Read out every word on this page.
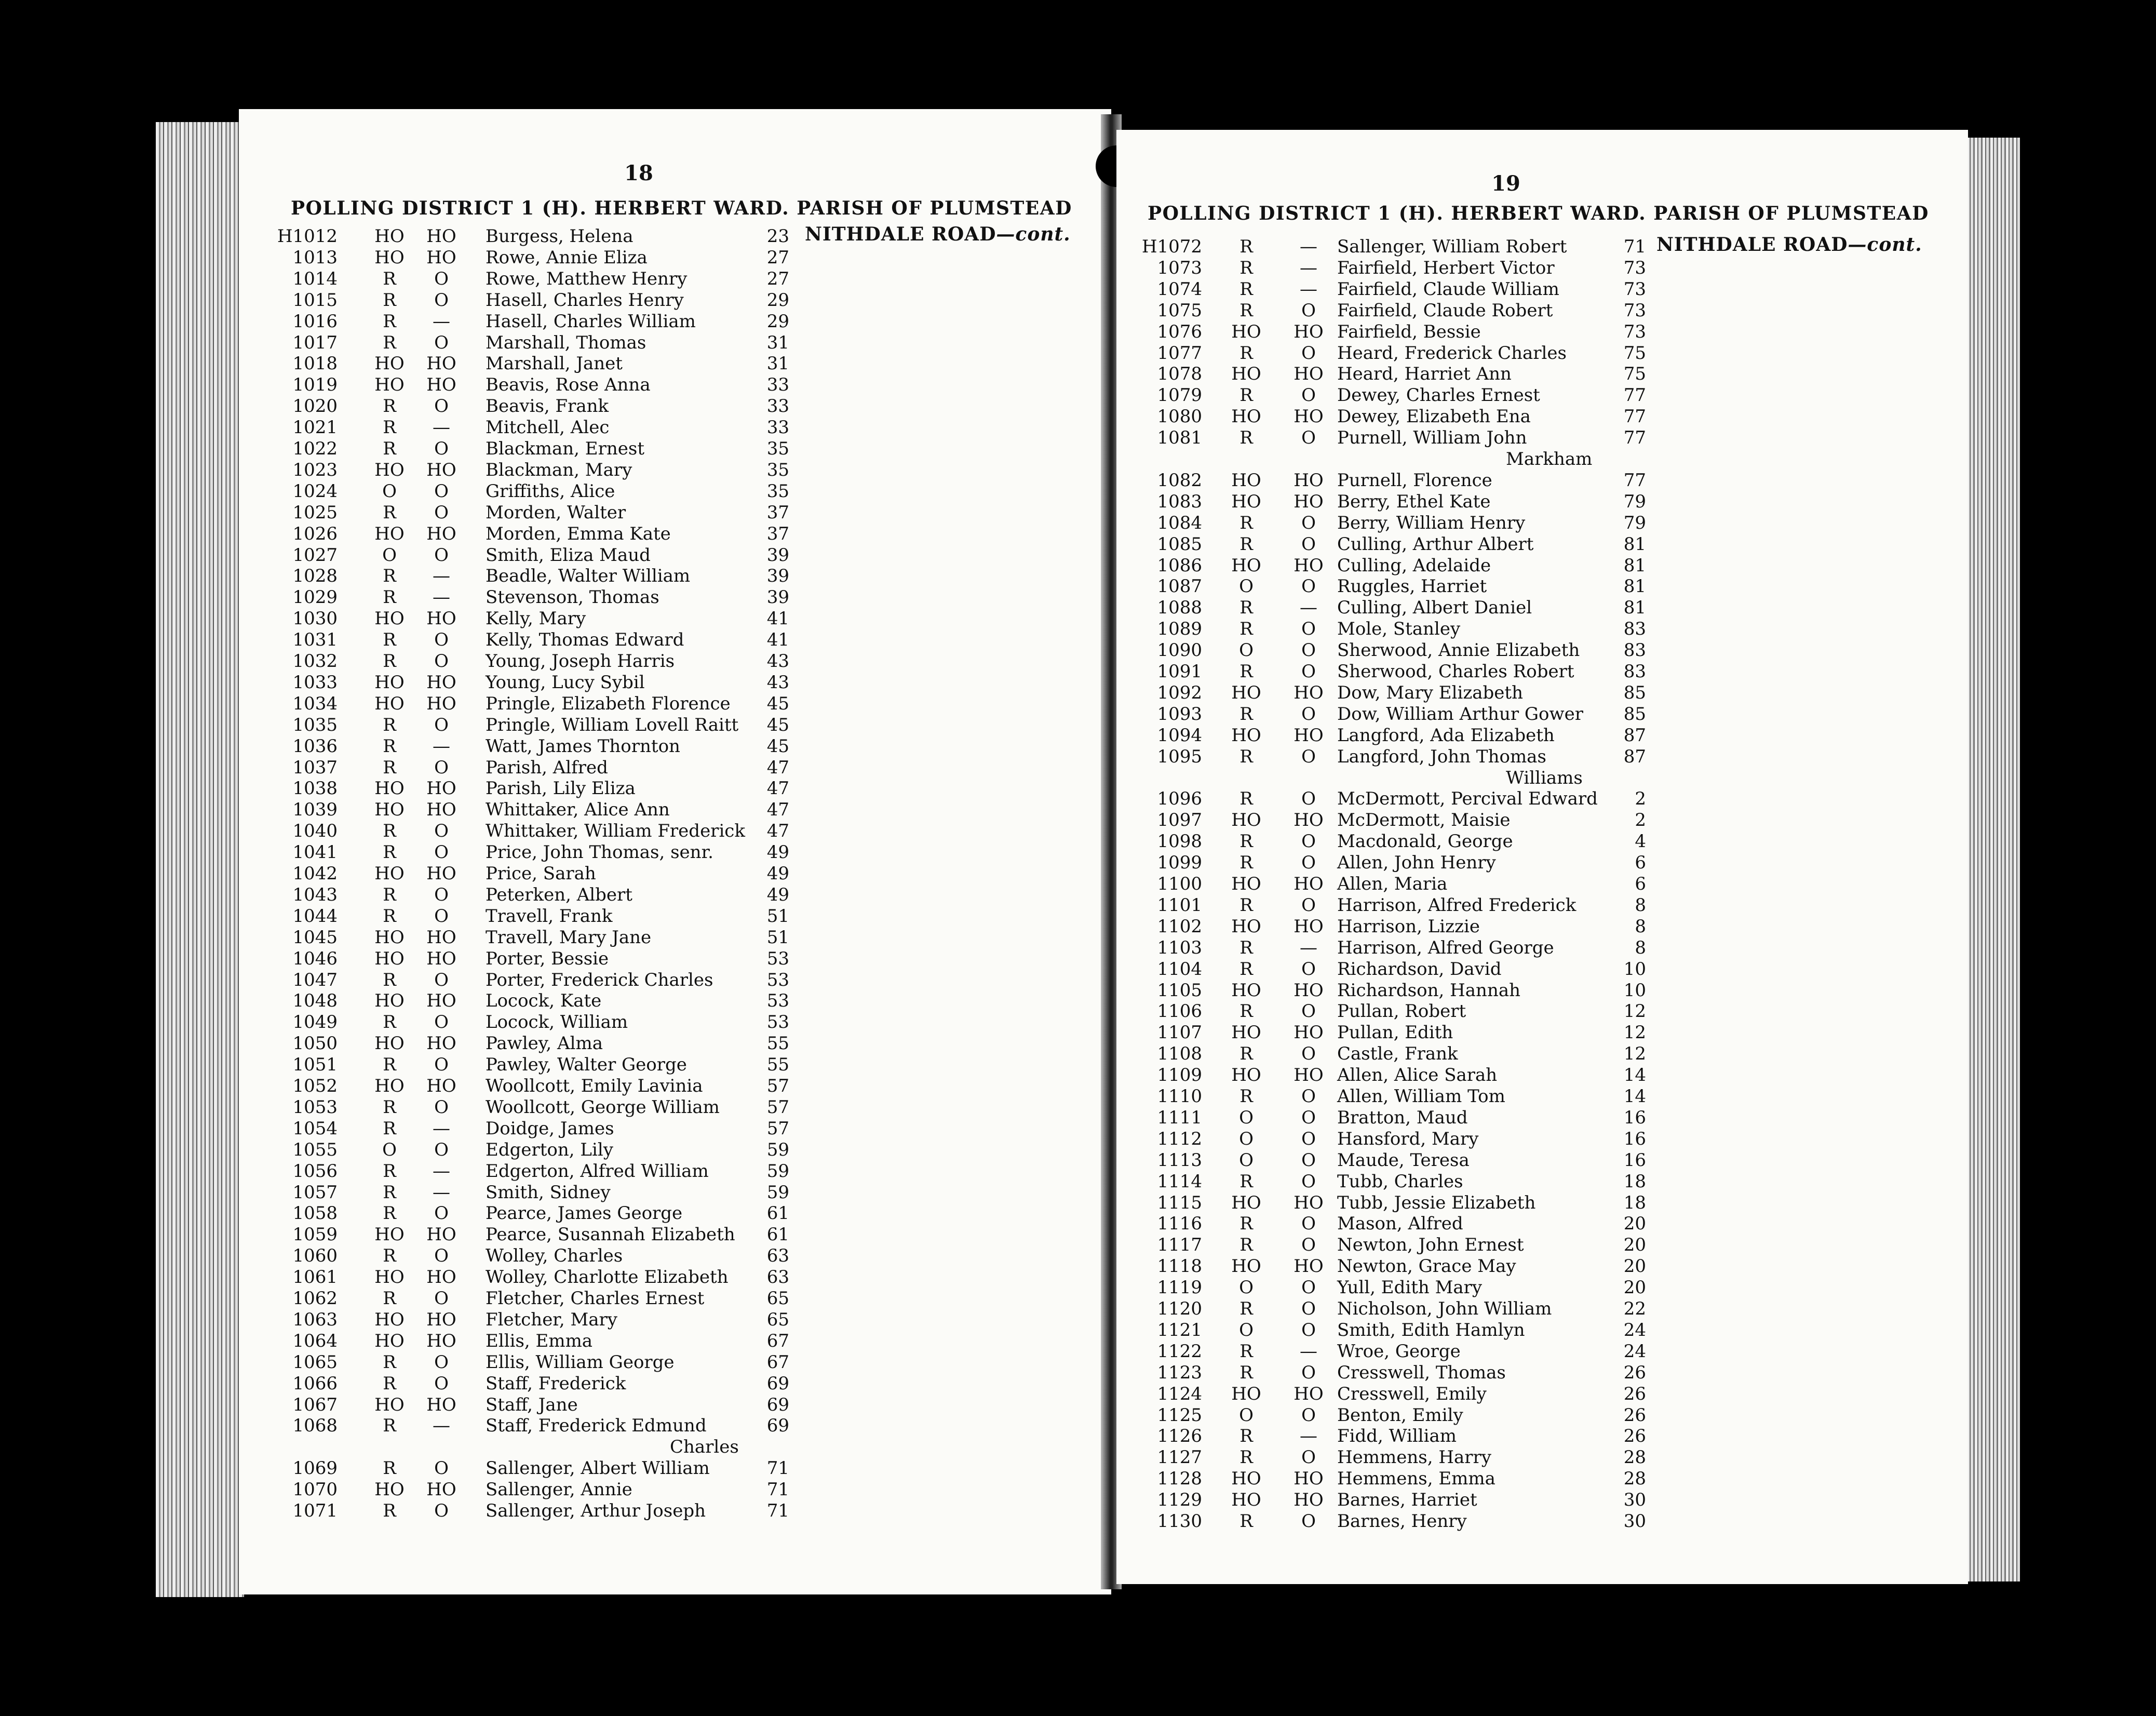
18
POLLING DISTRICT 1 (H). HERBERT WARD. PARISH OF PLUMSTEAD
NITHDALE ROAD—cont.
H1012	HO	HO	Burgess, Helena	23
1013	HO	HO	Rowe, Annie Eliza	27
1014	R	O	Rowe, Matthew Henry	27
1015	R	O	Hasell, Charles Henry	29
1016	R	—	Hasell, Charles William	29
1017	R	O	Marshall, Thomas	31
1018	HO	HO	Marshall, Janet	31
1019	HO	HO	Beavis, Rose Anna	33
1020	R	O	Beavis, Frank	33
1021	R	—	Mitchell, Alec	33
1022	R	O	Blackman, Ernest	35
1023	HO	HO	Blackman, Mary	35
1024	O	O	Griffiths, Alice	35
1025	R	O	Morden, Walter	37
1026	HO	HO	Morden, Emma Kate	37
1027	O	O	Smith, Eliza Maud	39
1028	R	—	Beadle, Walter William	39
1029	R	—	Stevenson, Thomas	39
1030	HO	HO	Kelly, Mary	41
1031	R	O	Kelly, Thomas Edward	41
1032	R	O	Young, Joseph Harris	43
1033	HO	HO	Young, Lucy Sybil	43
1034	HO	HO	Pringle, Elizabeth Florence	45
1035	R	O	Pringle, William Lovell Raitt	45
1036	R	—	Watt, James Thornton	45
1037	R	O	Parish, Alfred	47
1038	HO	HO	Parish, Lily Eliza	47
1039	HO	HO	Whittaker, Alice Ann	47
1040	R	O	Whittaker, William Frederick	47
1041	R	O	Price, John Thomas, senr.	49
1042	HO	HO	Price, Sarah	49
1043	R	O	Peterken, Albert	49
1044	R	O	Travell, Frank	51
1045	HO	HO	Travell, Mary Jane	51
1046	HO	HO	Porter, Bessie	53
1047	R	O	Porter, Frederick Charles	53
1048	HO	HO	Locock, Kate	53
1049	R	O	Locock, William	53
1050	HO	HO	Pawley, Alma	55
1051	R	O	Pawley, Walter George	55
1052	HO	HO	Woollcott, Emily Lavinia	57
1053	R	O	Woollcott, George William	57
1054	R	—	Doidge, James	57
1055	O	O	Edgerton, Lily	59
1056	R	—	Edgerton, Alfred William	59
1057	R	—	Smith, Sidney	59
1058	R	O	Pearce, James George	61
1059	HO	HO	Pearce, Susannah Elizabeth	61
1060	R	O	Wolley, Charles	63
1061	HO	HO	Wolley, Charlotte Elizabeth	63
1062	R	O	Fletcher, Charles Ernest	65
1063	HO	HO	Fletcher, Mary	65
1064	HO	HO	Ellis, Emma	67
1065	R	O	Ellis, William George	67
1066	R	O	Staff, Frederick	69
1067	HO	HO	Staff, Jane	69
1068	R	—	Staff, Frederick Edmund	69
Charles
1069	R	O	Sallenger, Albert William	71
1070	HO	HO	Sallenger, Annie	71
1071	R	O	Sallenger, Arthur Joseph	71
19
POLLING DISTRICT 1 (H). HERBERT WARD. PARISH OF PLUMSTEAD
NITHDALE ROAD—cont.
H1072	R	—	Sallenger, William Robert	71
1073	R	—	Fairfield, Herbert Victor	73
1074	R	—	Fairfield, Claude William	73
1075	R	O	Fairfield, Claude Robert	73
1076	HO	HO Fairfield, Bessie	73
1077	R	O	Heard, Frederick Charles	75
1078	HO	HO Heard, Harriet Ann	75
1079	R	O	Dewey, Charles Ernest	77
1080	HO	HO Dewey, Elizabeth Ena	77
1081	R	O	Purnell, William John	77
Markham
1082	HO	HO Purnell, Florence	77
1083	HO	HO Berry, Ethel Kate	79
1084	R	O	Berry, William Henry	79
1085	R	O	Culling, Arthur Albert	81
1086	HO	HO Culling, Adelaide	81
1087	O	O	Ruggles, Harriet	81
1088	R	—	Culling, Albert Daniel	81
1089	R	O	Mole, Stanley	83
1090	O	O	Sherwood, Annie Elizabeth	83
1091	R	O	Sherwood, Charles Robert	83
1092	HO	HO Dow, Mary Elizabeth	85
1093	R	O	Dow, William Arthur Gower	85
1094	HO	HO Langford, Ada Elizabeth	87
1095	R	O	Langford, John Thomas	87
Williams
1096	R	O	McDermott, Percival Edward	2
1097	HO	HO McDermott, Maisie	2
1098	R	O	Macdonald, George	4
1099	R	O	Allen, John Henry	6
1100	HO	HO Allen, Maria	6
1101	R	O	Harrison, Alfred Frederick	8
1102	HO	HO Harrison, Lizzie	8
1103	R	—	Harrison, Alfred George	8
1104	R	O	Richardson, David	10
1105	HO	HO Richardson, Hannah	10
1106	R	O	Pullan, Robert	12
1107	HO	HO Pullan, Edith	12
1108	R	O	Castle, Frank	12
1109	HO	HO Allen, Alice Sarah	14
1110	R	O	Allen, William Tom	14
1111	O	O	Bratton, Maud	16
1112	O	O	Hansford, Mary	16
1113	O	O	Maude, Teresa	16
1114	R	O	Tubb, Charles	18
1115	HO	HO Tubb, Jessie Elizabeth	18
1116	R	O	Mason, Alfred	20
1117	R	O	Newton, John Ernest	20
1118	HO	HO Newton, Grace May	20
1119	O	O	Yull, Edith Mary	20
1120	R	O	Nicholson, John William	22
1121	O	O	Smith, Edith Hamlyn	24
1122	R	—	Wroe, George	24
1123	R	O	Cresswell, Thomas	26
1124	HO	HO Cresswell, Emily	26
1125	O	O	Benton, Emily	26
1126	R	—	Fidd, William	26
1127	R	O	Hemmens, Harry	28
1128	HO	HO Hemmens, Emma	28
1129	HO	HO Barnes, Harriet	30
1130	R	O	Barnes, Henry	30
